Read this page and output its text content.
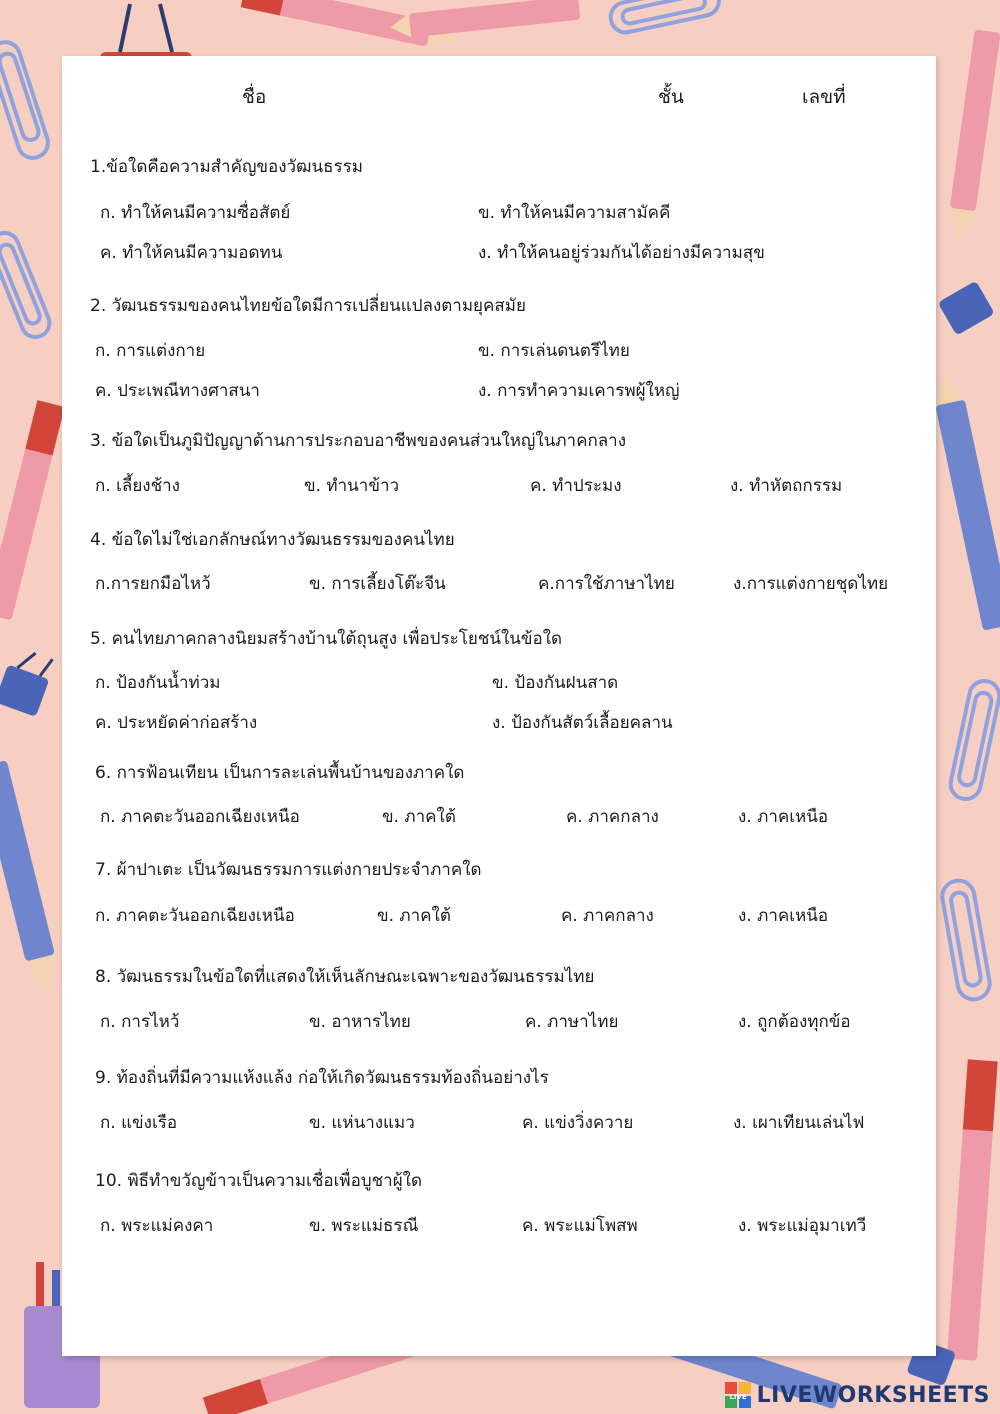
ชื่อ	ชั้น	เลขที่
1.ข้อใดคือความสำคัญของวัฒนธรรม
ก. ทำให้คนมีความซื่อสัตย์	ข. ทำให้คนมีความสามัคคี
ค. ทำให้คนมีความอดทน	ง. ทำให้คนอยู่ร่วมกันได้อย่างมีความสุข
2. วัฒนธรรมของคนไทยข้อใดมีการเปลี่ยนแปลงตามยุคสมัย
ก. การแต่งกาย	ข. การเล่นดนตรีไทย
ค. ประเพณีทางศาสนา	ง. การทำความเคารพผู้ใหญ่
3. ข้อใดเป็นภูมิปัญญาด้านการประกอบอาชีพของคนส่วนใหญ่ในภาคกลาง
ก. เลี้ยงช้าง	ข. ทำนาข้าว	ค. ทำประมง	ง. ทำหัตถกรรม
4. ข้อใดไม่ใช่เอกลักษณ์ทางวัฒนธรรมของคนไทย
ก.การยกมือไหว้	ข. การเลี้ยงโต๊ะจีน	ค.การใช้ภาษาไทย	ง.การแต่งกายชุดไทย
5. คนไทยภาคกลางนิยมสร้างบ้านใต้ถุนสูง เพื่อประโยชน์ในข้อใด
ก. ป้องกันน้ำท่วม	ข. ป้องกันฝนสาด
ค. ประหยัดค่าก่อสร้าง	ง. ป้องกันสัตว์เลื้อยคลาน
6. การฟ้อนเทียน เป็นการละเล่นพื้นบ้านของภาคใด
ก. ภาคตะวันออกเฉียงเหนือ	ข. ภาคใต้	ค. ภาคกลาง	ง. ภาคเหนือ
7. ผ้าปาเตะ เป็นวัฒนธรรมการแต่งกายประจำภาคใด
ก. ภาคตะวันออกเฉียงเหนือ	ข. ภาคใต้	ค. ภาคกลาง	ง. ภาคเหนือ
8. วัฒนธรรมในข้อใดที่แสดงให้เห็นลักษณะเฉพาะของวัฒนธรรมไทย
ก. การไหว้	ข. อาหารไทย	ค. ภาษาไทย	ง. ถูกต้องทุกข้อ
9. ท้องถิ่นที่มีความแห้งแล้ง ก่อให้เกิดวัฒนธรรมท้องถิ่นอย่างไร
ก. แข่งเรือ	ข. แห่นางแมว	ค. แข่งวิ่งควาย	ง. เผาเทียนเล่นไฟ
10. พิธีทำขวัญข้าวเป็นความเชื่อเพื่อบูชาผู้ใด
ก. พระแม่คงคา	ข. พระแม่ธรณี	ค. พระแม่โพสพ	ง. พระแม่อุมาเทวี
LIVE LIVEWORKSHEETS
